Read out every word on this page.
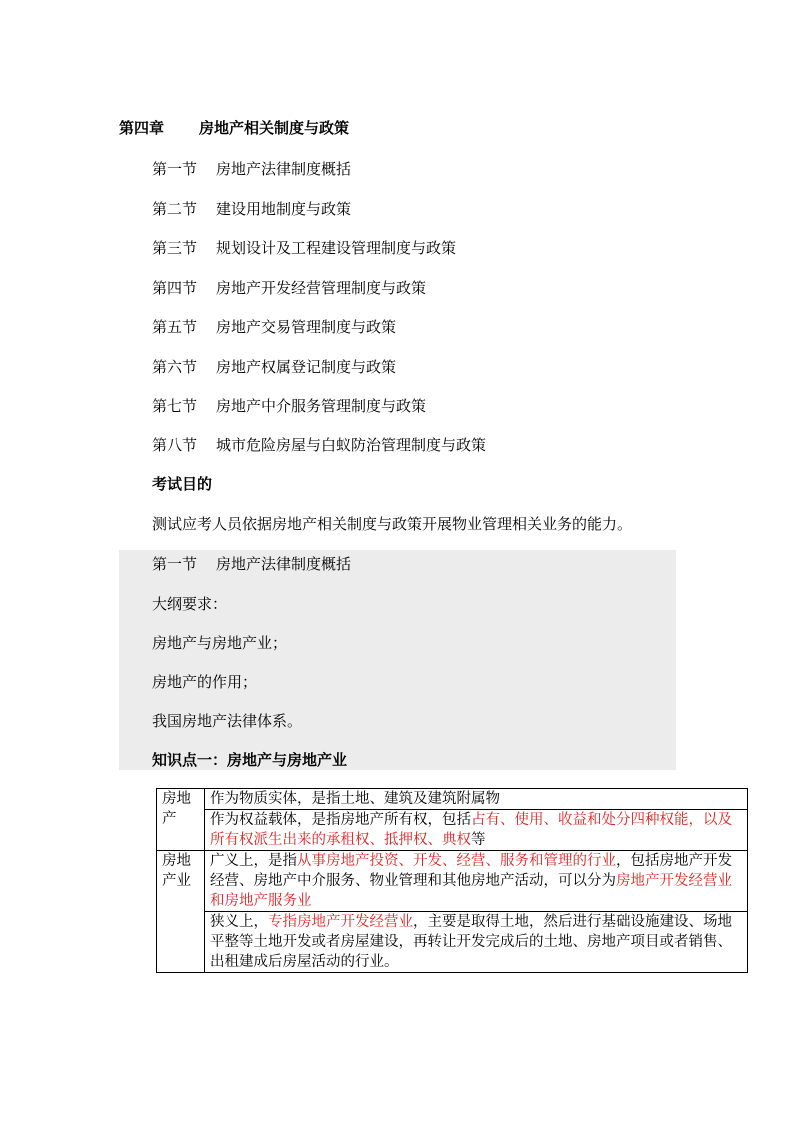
第四章 房地产相关制度与政策
第一节 房地产法律制度概括
第二节 建设用地制度与政策
第三节 规划设计及工程建设管理制度与政策
第四节 房地产开发经营管理制度与政策
第五节 房地产交易管理制度与政策
第六节 房地产权属登记制度与政策
第七节 房地产中介服务管理制度与政策
第八节 城市危险房屋与白蚁防治管理制度与政策
考试目的
测试应考人员依据房地产相关制度与政策开展物业管理相关业务的能力。
第一节 房地产法律制度概括
大纲要求：
房地产与房地产业；
房地产的作用；
我国房地产法律体系。
知识点一：房地产与房地产业
房地产	作为物质实体，是指土地、建筑及建筑附属物
	作为权益载体，是指房地产所有权，包括占有、使用、收益和处分四种权能，以及所有权派生出来的承租权、抵押权、典权等
房地产业	广义上，是指从事房地产投资、开发、经营、服务和管理的行业，包括房地产开发经营、房地产中介服务、物业管理和其他房地产活动，可以分为房地产开发经营业和房地产服务业
	狭义上，专指房地产开发经营业，主要是取得土地，然后进行基础设施建设、场地平整等土地开发或者房屋建设，再转让开发完成后的土地、房地产项目或者销售、出租建成后房屋活动的行业。
